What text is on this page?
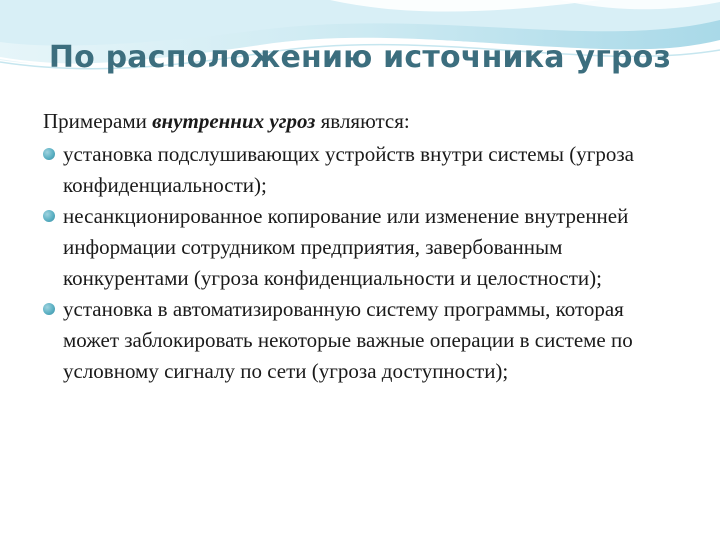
По расположению источника угроз

Примерами внутренних угроз являются:

установка подслушивающих устройств внутри системы (угроза конфиденциальности);
несанкционированное копирование или изменение внутренней информации сотрудником предприятия, завербованным конкурентами (угроза конфиденциальности и целостности);
установка в автоматизированную систему программы, которая может заблокировать некоторые важные операции в системе по условному сигналу по сети (угроза доступности);
